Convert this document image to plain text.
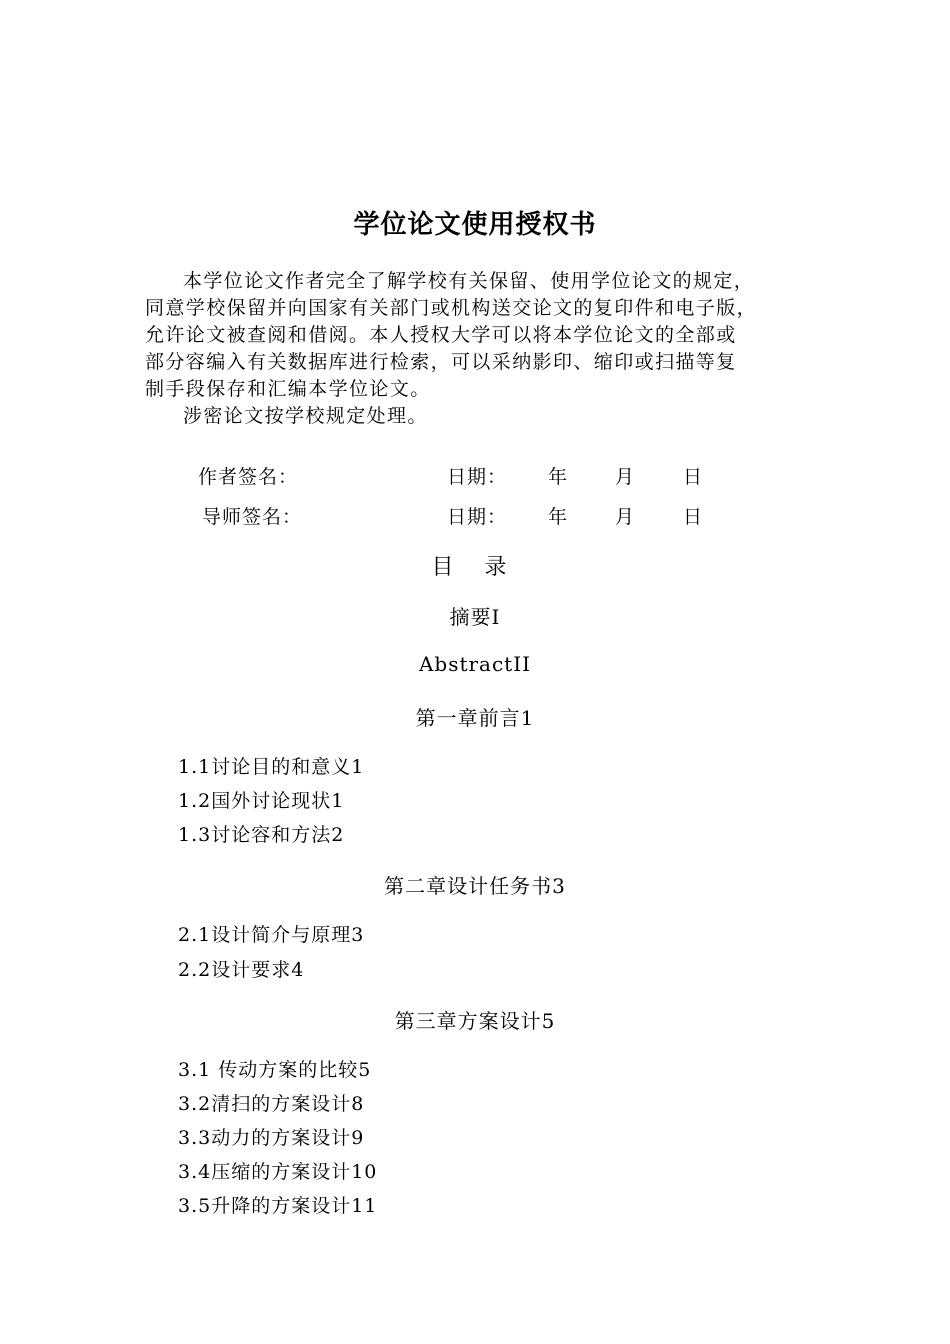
学位论文使用授权书
本学位论文作者完全了解学校有关保留、使用学位论文的规定，
同意学校保留并向国家有关部门或机构送交论文的复印件和电子版，
允许论文被查阅和借阅。本人授权大学可以将本学位论文的全部或
部分容编入有关数据库进行检索，可以采纳影印、缩印或扫描等复
制手段保存和汇编本学位论文。
涉密论文按学校规定处理。
作者签名：	日期： 年 月	日
导师签名：	日期： 年 月	日
目 录
摘要I
AbstractII
第一章前言1
1.1讨论目的和意义1
1.2国外讨论现状1
1.3讨论容和方法2
第二章设计任务书3
2.1设计简介与原理3
2.2设计要求4
第三章方案设计5
3.1 传动方案的比较5
3.2清扫的方案设计8
3.3动力的方案设计9
3.4压缩的方案设计10
3.5升降的方案设计11
